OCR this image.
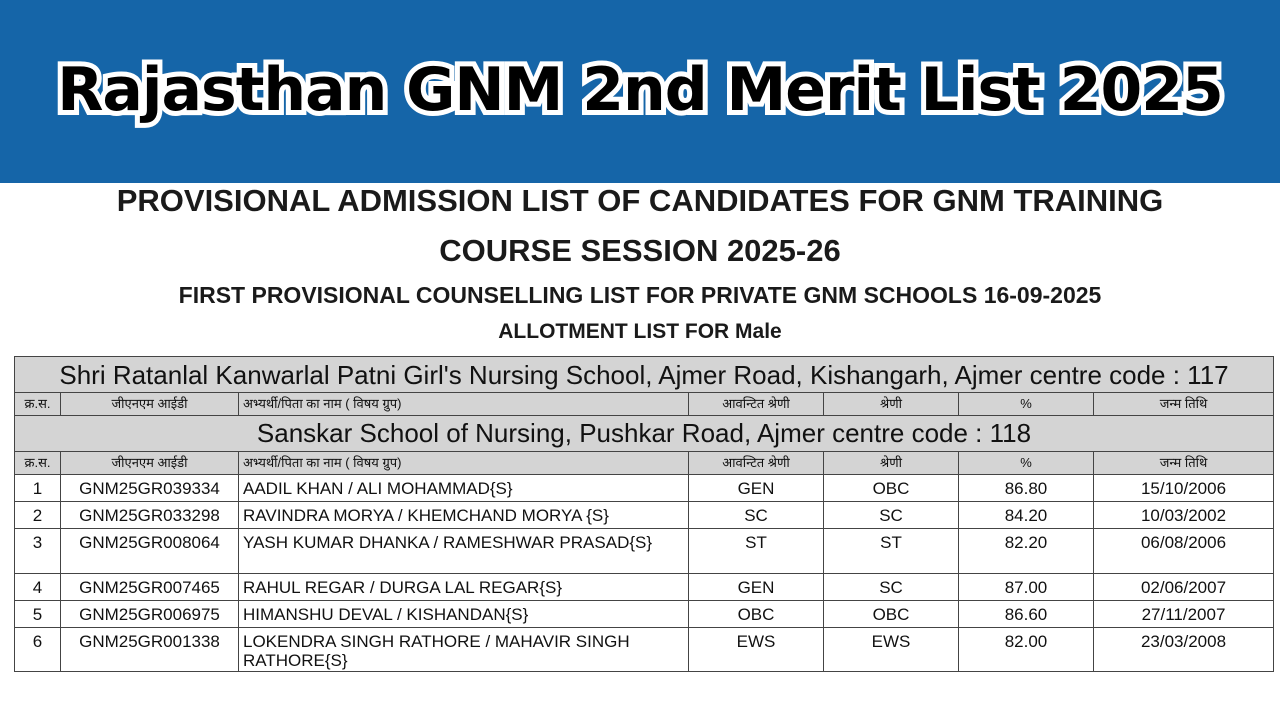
Rajasthan GNM 2nd Merit List 2025
PROVISIONAL ADMISSION LIST OF CANDIDATES FOR GNM TRAINING
COURSE SESSION 2025-26
FIRST PROVISIONAL COUNSELLING LIST FOR PRIVATE GNM SCHOOLS 16-09-2025
ALLOTMENT LIST FOR Male
Shri Ratanlal Kanwarlal Patni Girl's Nursing School, Ajmer Road, Kishangarh, Ajmer centre code : 117						
क्र.स.	जीएनएम आईडी	अभ्यर्थी/पिता का नाम ( विषय ग्रुप)	आवन्टित श्रेणी	श्रेणी	%	जन्म तिथि
Sanskar School of Nursing, Pushkar Road, Ajmer centre code : 118						
क्र.स.	जीएनएम आईडी	अभ्यर्थी/पिता का नाम ( विषय ग्रुप)	आवन्टित श्रेणी	श्रेणी	%	जन्म तिथि
1	GNM25GR039334	AADIL KHAN / ALI MOHAMMAD{S}	GEN	OBC	86.80	15/10/2006
2	GNM25GR033298	RAVINDRA MORYA / KHEMCHAND MORYA {S}	SC	SC	84.20	10/03/2002
3	GNM25GR008064	YASH KUMAR DHANKA / RAMESHWAR PRASAD{S}	ST	ST	82.20	06/08/2006
4	GNM25GR007465	RAHUL REGAR / DURGA LAL REGAR{S}	GEN	SC	87.00	02/06/2007
5	GNM25GR006975	HIMANSHU DEVAL / KISHANDAN{S}	OBC	OBC	86.60	27/11/2007
6	GNM25GR001338	LOKENDRA SINGH RATHORE / MAHAVIR SINGH RATHORE{S}	EWS	EWS	82.00	23/03/2008
